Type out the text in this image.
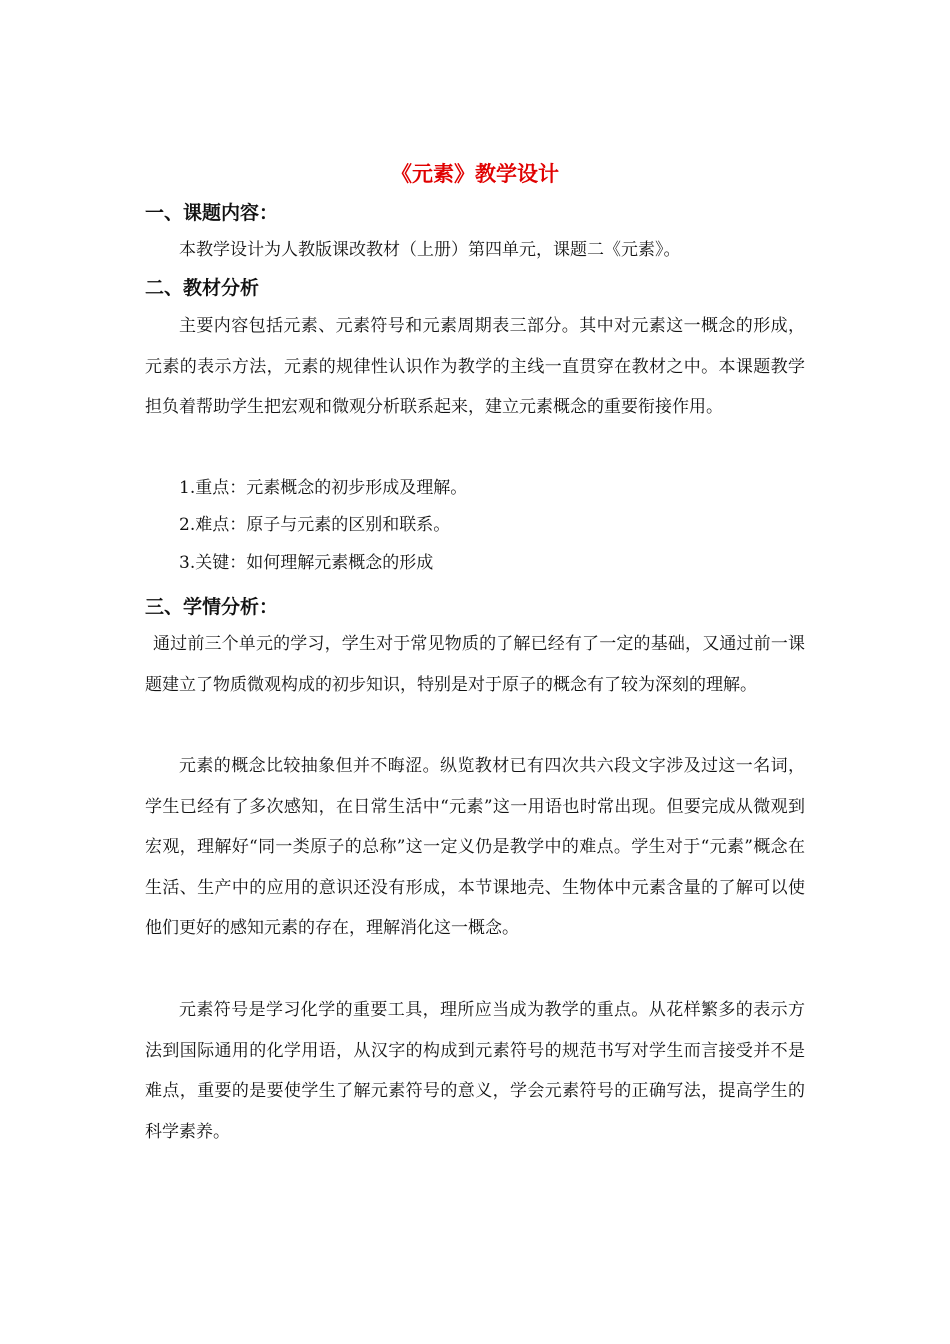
《元素》教学设计
一、课题内容：

本教学设计为人教版课改教材（上册）第四单元，课题二《元素》。

二、教材分析

主要内容包括元素、元素符号和元素周期表三部分。其中对元素这一概念的形成，元素的表示方法，元素的规律性认识作为教学的主线一直贯穿在教材之中。本课题教学担负着帮助学生把宏观和微观分析联系起来，建立元素概念的重要衔接作用。

1.重点：元素概念的初步形成及理解。
2.难点：原子与元素的区别和联系。
3.关键：如何理解元素概念的形成
三、学情分析：

通过前三个单元的学习，学生对于常见物质的了解已经有了一定的基础，又通过前一课题建立了物质微观构成的初步知识，特别是对于原子的概念有了较为深刻的理解。

元素的概念比较抽象但并不晦涩。纵览教材已有四次共六段文字涉及过这一名词，学生已经有了多次感知，在日常生活中“元素”这一用语也时常出现。但要完成从微观到宏观，理解好“同一类原子的总称”这一定义仍是教学中的难点。学生对于“元素”概念在生活、生产中的应用的意识还没有形成，本节课地壳、生物体中元素含量的了解可以使他们更好的感知元素的存在，理解消化这一概念。

元素符号是学习化学的重要工具，理所应当成为教学的重点。从花样繁多的表示方法到国际通用的化学用语，从汉字的构成到元素符号的规范书写对学生而言接受并不是难点，重要的是要使学生了解元素符号的意义，学会元素符号的正确写法，提高学生的科学素养。
